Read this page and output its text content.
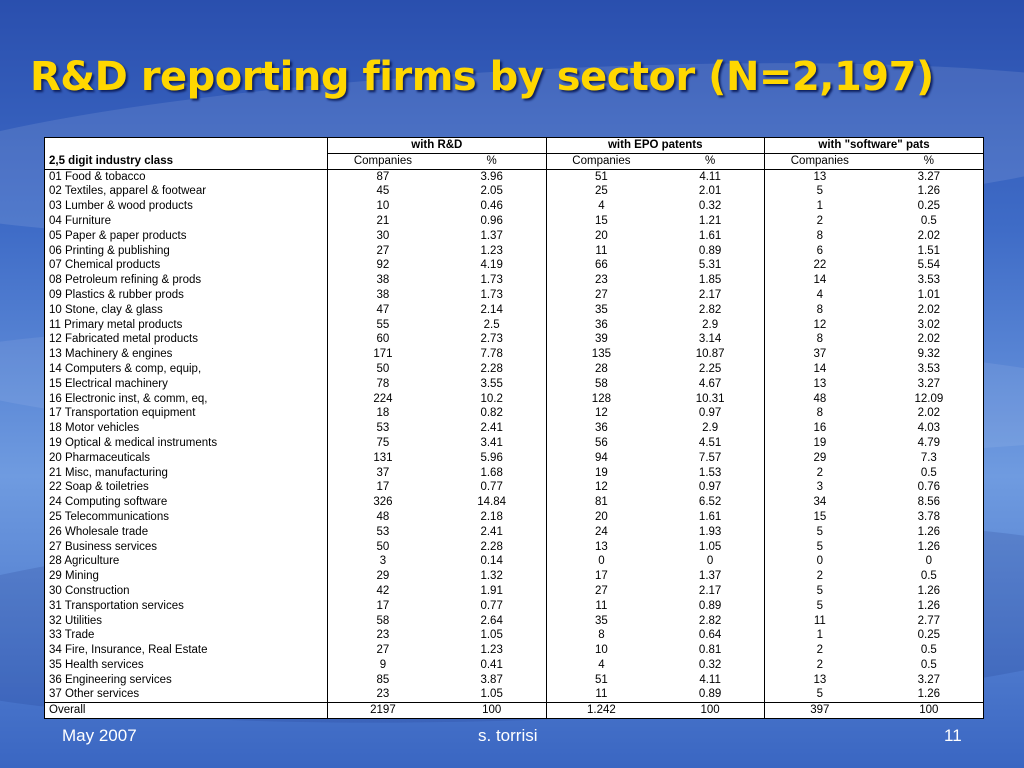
R&D reporting firms by sector (N=2,197)
	with R&D		with EPO patents		with "software" pats	
2,5 digit industry class	Companies	%	Companies	%	Companies	%
01 Food & tobacco	87	3.96	51	4.11	13	3.27
02 Textiles, apparel & footwear	45	2.05	25	2.01	5	1.26
03 Lumber & wood products	10	0.46	4	0.32	1	0.25
04 Furniture	21	0.96	15	1.21	2	0.5
05 Paper & paper products	30	1.37	20	1.61	8	2.02
06 Printing & publishing	27	1.23	11	0.89	6	1.51
07 Chemical products	92	4.19	66	5.31	22	5.54
08 Petroleum refining & prods	38	1.73	23	1.85	14	3.53
09 Plastics & rubber prods	38	1.73	27	2.17	4	1.01
10 Stone, clay & glass	47	2.14	35	2.82	8	2.02
11 Primary metal products	55	2.5	36	2.9	12	3.02
12 Fabricated metal products	60	2.73	39	3.14	8	2.02
13 Machinery & engines	171	7.78	135	10.87	37	9.32
14 Computers & comp, equip,	50	2.28	28	2.25	14	3.53
15 Electrical machinery	78	3.55	58	4.67	13	3.27
16 Electronic inst, & comm, eq,	224	10.2	128	10.31	48	12.09
17 Transportation equipment	18	0.82	12	0.97	8	2.02
18 Motor vehicles	53	2.41	36	2.9	16	4.03
19 Optical & medical instruments	75	3.41	56	4.51	19	4.79
20 Pharmaceuticals	131	5.96	94	7.57	29	7.3
21 Misc, manufacturing	37	1.68	19	1.53	2	0.5
22 Soap & toiletries	17	0.77	12	0.97	3	0.76
24 Computing software	326	14.84	81	6.52	34	8.56
25 Telecommunications	48	2.18	20	1.61	15	3.78
26 Wholesale trade	53	2.41	24	1.93	5	1.26
27 Business services	50	2.28	13	1.05	5	1.26
28 Agriculture	3	0.14	0	0	0	0
29 Mining	29	1.32	17	1.37	2	0.5
30 Construction	42	1.91	27	2.17	5	1.26
31 Transportation services	17	0.77	11	0.89	5	1.26
32 Utilities	58	2.64	35	2.82	11	2.77
33 Trade	23	1.05	8	0.64	1	0.25
34 Fire, Insurance, Real Estate	27	1.23	10	0.81	2	0.5
35 Health services	9	0.41	4	0.32	2	0.5
36 Engineering services	85	3.87	51	4.11	13	3.27
37 Other services	23	1.05	11	0.89	5	1.26
Overall	2197	100	1.242	100	397	100
May 2007	s. torrisi	11
